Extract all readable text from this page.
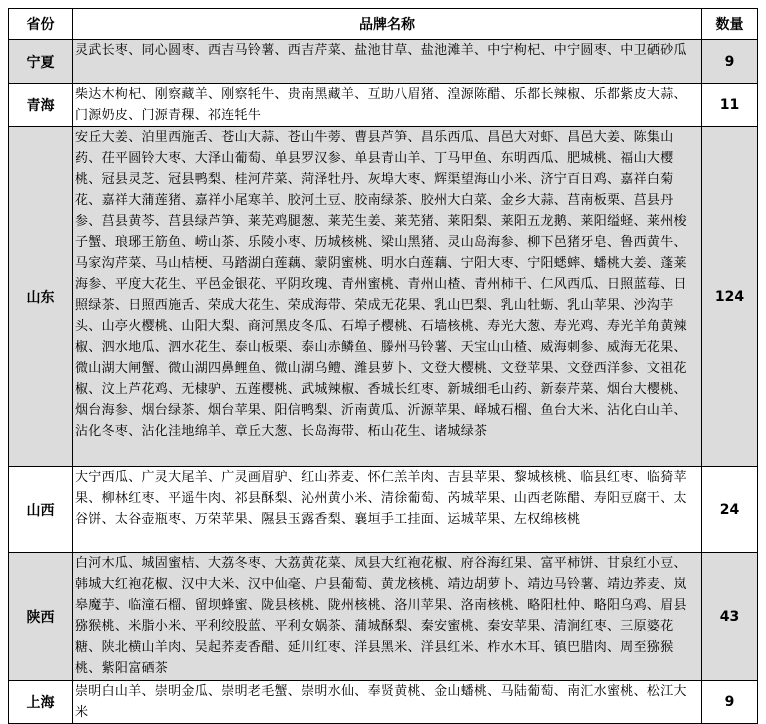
省份	品牌名称	数量
宁夏	灵武长枣、同心圆枣、西吉马铃薯、西吉芹菜、盐池甘草、盐池滩羊、中宁枸杞、中宁圆枣、中卫硒砂瓜	9
青海	柴达木枸杞、刚察藏羊、刚察牦牛、贵南黑藏羊、互助八眉猪、湟源陈醋、乐都长辣椒、乐都紫皮大蒜、门源奶皮、门源青稞、祁连牦牛	11
山东	安丘大姜、泊里西施舌、苍山大蒜、苍山牛蒡、曹县芦笋、昌乐西瓜、昌邑大对虾、昌邑大姜、陈集山药、茌平圆铃大枣、大泽山葡萄、单县罗汉参、单县青山羊、丁马甲鱼、东明西瓜、肥城桃、福山大樱桃、冠县灵芝、冠县鸭梨、桂河芹菜、菏泽牡丹、灰埠大枣、辉渠望海山小米、济宁百日鸡、嘉祥白菊花、嘉祥大蒲莲猪、嘉祥小尾寒羊、胶河土豆、胶南绿茶、胶州大白菜、金乡大蒜、莒南板栗、莒县丹参、莒县黄芩、莒县绿芦笋、莱芜鸡腿葱、莱芜生姜、莱芜猪、莱阳梨、莱阳五龙鹅、莱阳缢蛏、莱州梭子蟹、琅琊王筋鱼、崂山茶、乐陵小枣、历城核桃、梁山黑猪、灵山岛海参、柳下邑猪牙皂、鲁西黄牛、马家沟芹菜、马山桔梗、马踏湖白莲藕、蒙阴蜜桃、明水白莲藕、宁阳大枣、宁阳蟋蟀、蟠桃大姜、蓬莱海参、平度大花生、平邑金银花、平阴玫瑰、青州蜜桃、青州山楂、青州柿干、仁风西瓜、日照蓝莓、日照绿茶、日照西施舌、荣成大花生、荣成海带、荣成无花果、乳山巴梨、乳山牡蛎、乳山苹果、沙沟芋头、山亭火樱桃、山阳大梨、商河黑皮冬瓜、石埠子樱桃、石墙核桃、寿光大葱、寿光鸡、寿光羊角黄辣椒、泗水地瓜、泗水花生、泰山板栗、泰山赤鳞鱼、滕州马铃薯、天宝山山楂、威海刺参、威海无花果、微山湖大闸蟹、微山湖四鼻鲤鱼、微山湖乌鳢、潍县萝卜、文登大樱桃、文登苹果、文登西洋参、文祖花椒、汶上芦花鸡、无棣驴、五莲樱桃、武城辣椒、香城长红枣、新城细毛山药、新泰芹菜、烟台大樱桃、烟台海参、烟台绿茶、烟台苹果、阳信鸭梨、沂南黄瓜、沂源苹果、峄城石榴、鱼台大米、沾化白山羊、沾化冬枣、沾化洼地绵羊、章丘大葱、长岛海带、柘山花生、诸城绿茶	124
山西	大宁西瓜、广灵大尾羊、广灵画眉驴、红山荞麦、怀仁羔羊肉、吉县苹果、黎城核桃、临县红枣、临猗苹果、柳林红枣、平遥牛肉、祁县酥梨、沁州黄小米、清徐葡萄、芮城苹果、山西老陈醋、寿阳豆腐干、太谷饼、太谷壶瓶枣、万荣苹果、隰县玉露香梨、襄垣手工挂面、运城苹果、左权绵核桃	24
陕西	白河木瓜、城固蜜桔、大荔冬枣、大荔黄花菜、凤县大红袍花椒、府谷海红果、富平柿饼、甘泉红小豆、韩城大红袍花椒、汉中大米、汉中仙毫、户县葡萄、黄龙核桃、靖边胡萝卜、靖边马铃薯、靖边荞麦、岚皋魔芋、临潼石榴、留坝蜂蜜、陇县核桃、陇州核桃、洛川苹果、洛南核桃、略阳杜仲、略阳乌鸡、眉县猕猴桃、米脂小米、平利绞股蓝、平利女娲茶、蒲城酥梨、秦安蜜桃、秦安苹果、清涧红枣、三原婆花糖、陕北横山羊肉、吴起荞麦香醋、延川红枣、洋县黑米、洋县红米、柞水木耳、镇巴腊肉、周至猕猴桃、紫阳富硒茶	43
上海	崇明白山羊、崇明金瓜、崇明老毛蟹、崇明水仙、奉贤黄桃、金山蟠桃、马陆葡萄、南汇水蜜桃、松江大米	9
